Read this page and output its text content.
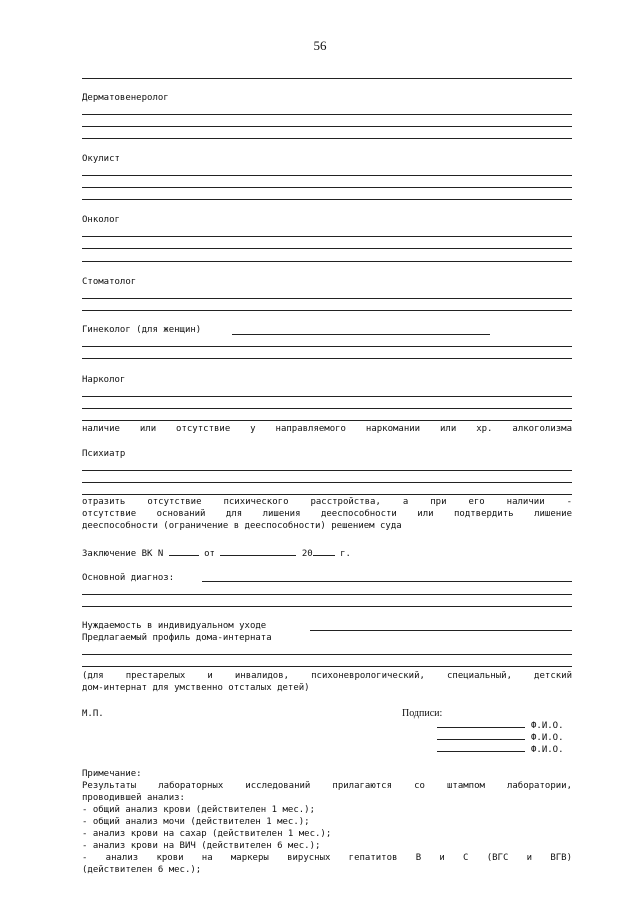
56
Дерматовенеролог
Окулист
Онколог
Стоматолог
Гинеколог (для женщин)
Нарколог
наличие или отсутствие у направляемого наркомании или хр. алкоголизма
Психиатр
отразить отсутствие психического расстройства, а при его наличии -
отсутствие оснований для лишения дееспособности или подтвердить лишение
дееспособности (ограничение в дееспособности) решением суда
Заключение ВК N	от	20	г.
Основной диагноз:
Нуждаемость в индивидуальном уходе
Предлагаемый профиль дома-интерната
(для престарелых и инвалидов, психоневрологический, специальный, детский
дом-интернат для умственно отсталых детей)
М.П.	Подписи:
Ф.И.О.
Ф.И.О.
Ф.И.О.
Примечание:
Результаты лабораторных исследований прилагаются со штампом лаборатории,
проводившей анализ:
- общий анализ крови (действителен 1 мес.);
- общий анализ мочи (действителен 1 мес.);
- анализ крови на сахар (действителен 1 мес.);
- анализ крови на ВИЧ (действителен 6 мес.);
- анализ крови на маркеры вирусных гепатитов В и С (ВГС и ВГВ)
(действителен 6 мес.);
